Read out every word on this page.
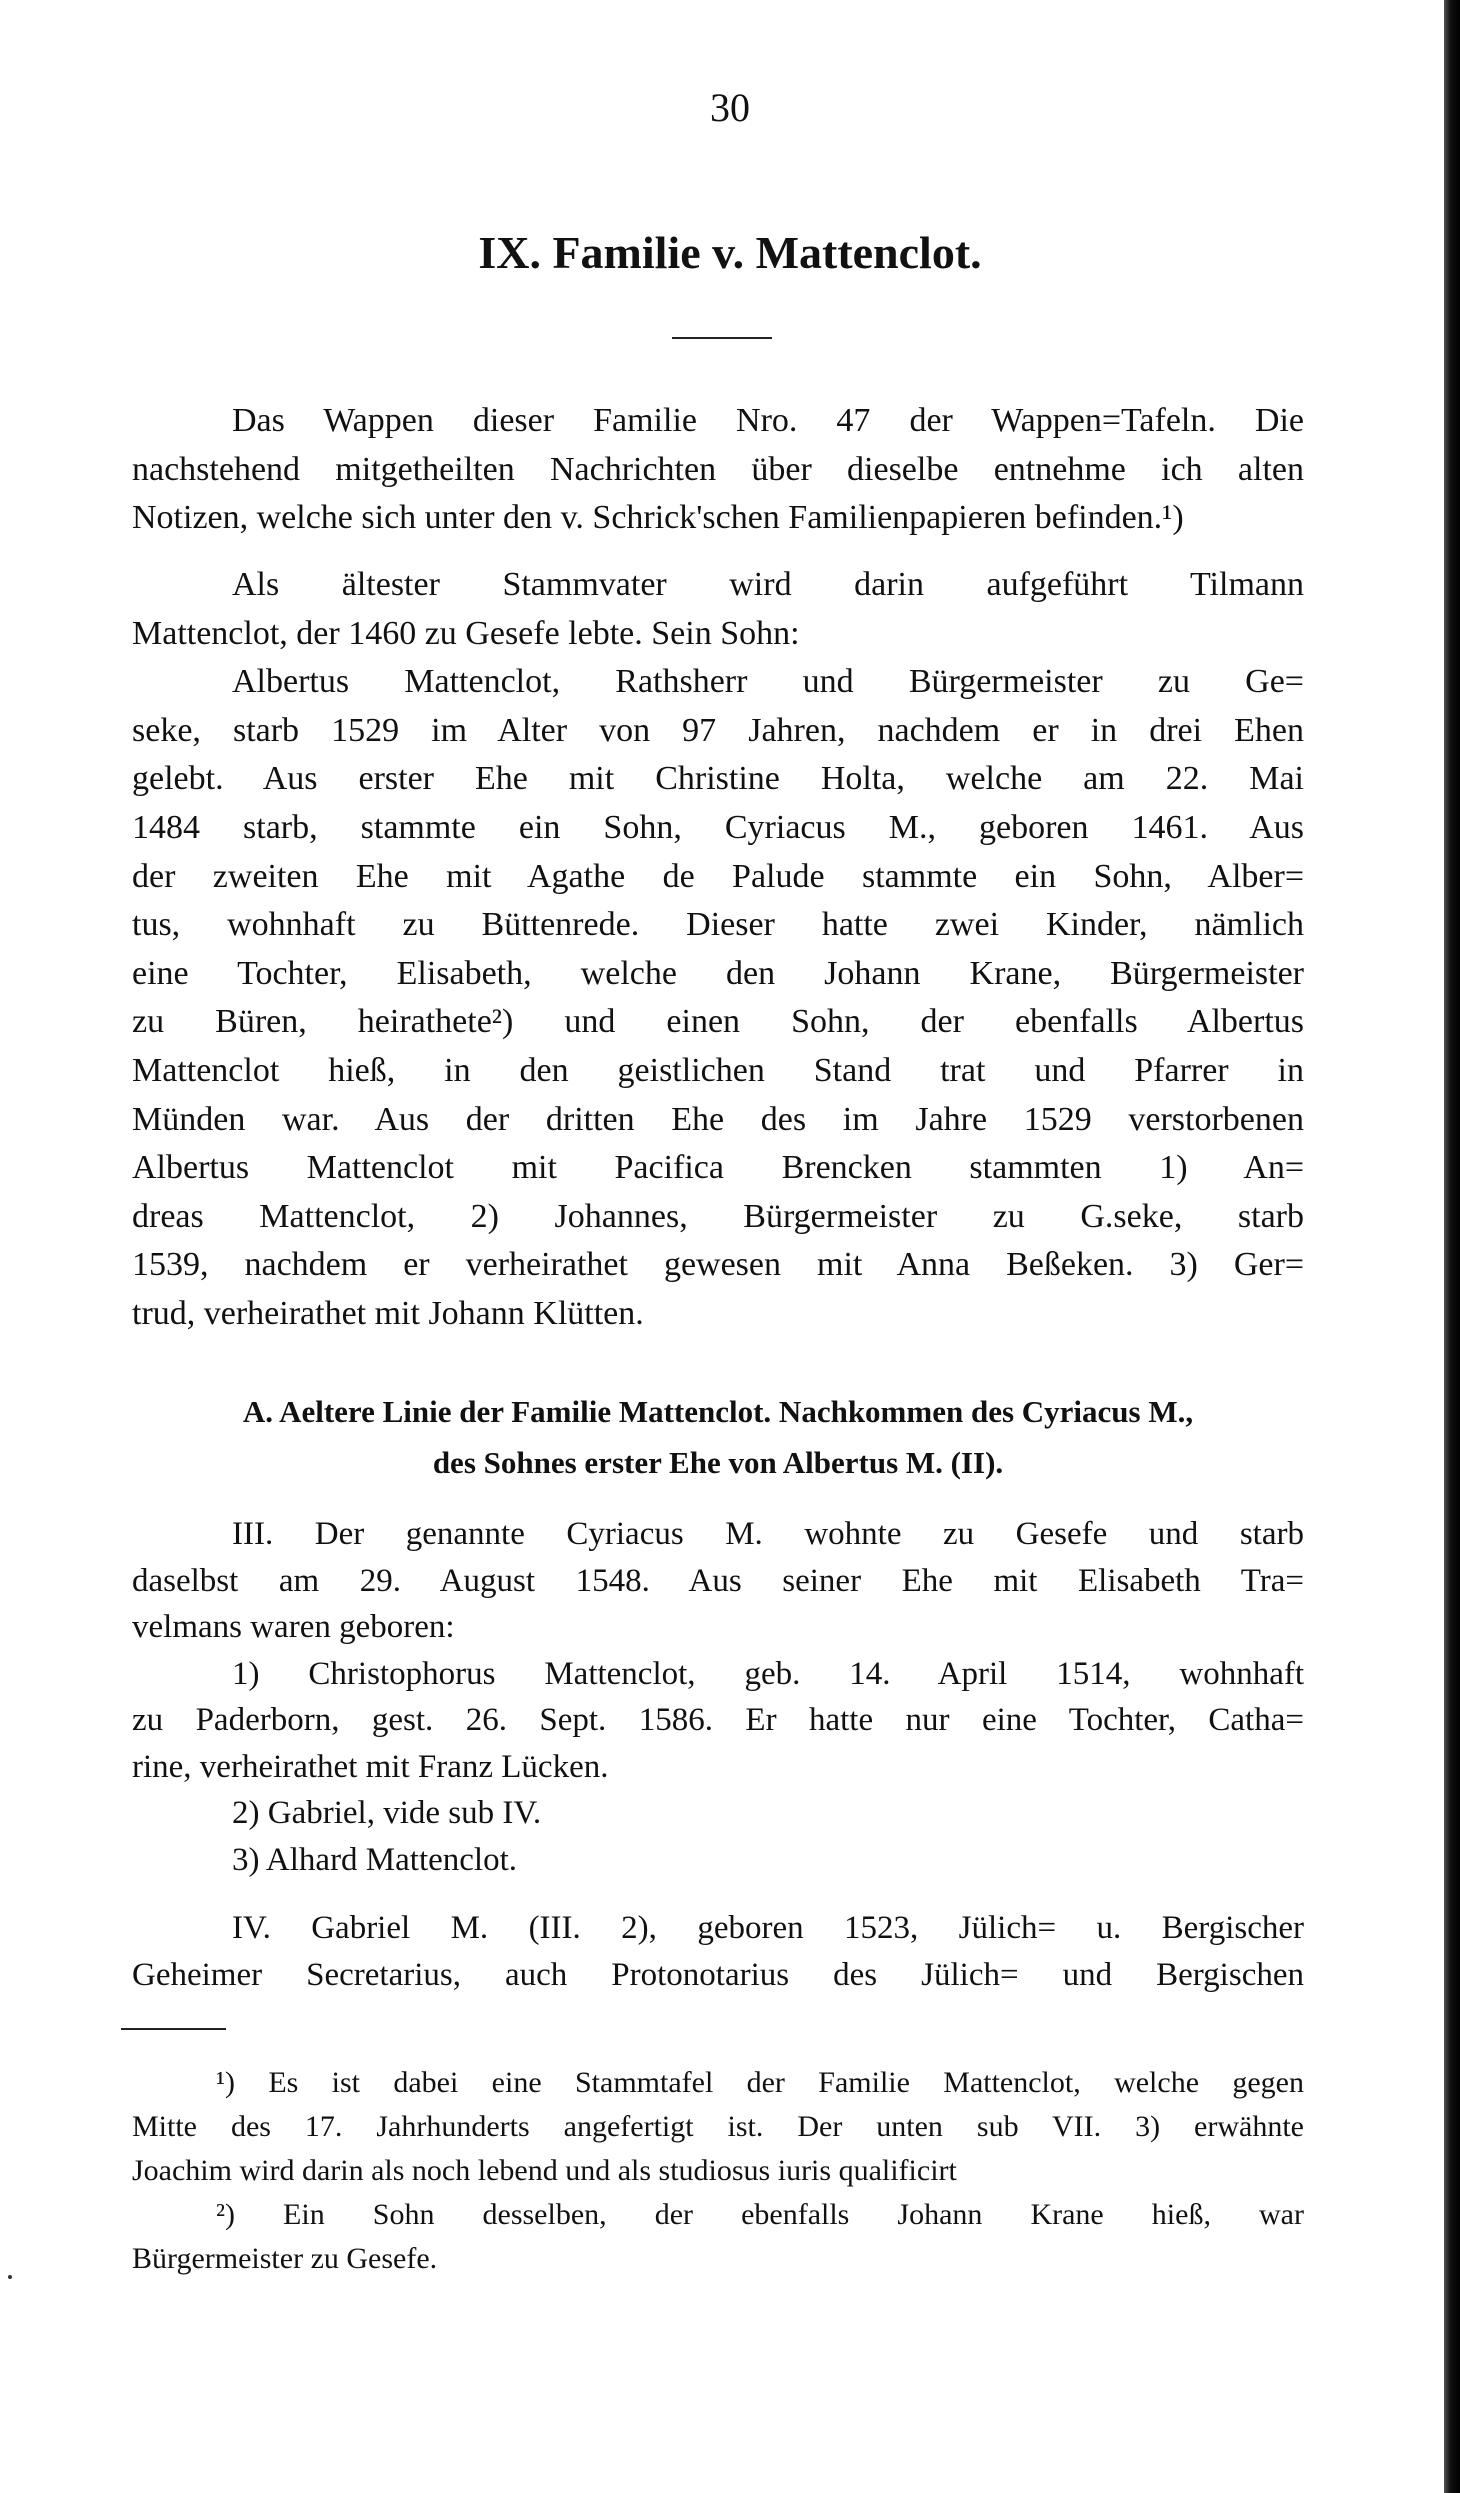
30
IX. Familie v. Mattenclot.
Das Wappen dieser Familie Nro. 47 der Wappen=Tafeln. Die
nachstehend mitgetheilten Nachrichten über dieselbe entnehme ich alten
Notizen, welche sich unter den v. Schrick'schen Familienpapieren befinden.¹)
Als ältester Stammvater wird darin aufgeführt Tilmann
Mattenclot, der 1460 zu Gesefe lebte. Sein Sohn:
Albertus Mattenclot, Rathsherr und Bürgermeister zu Ge=
seke, starb 1529 im Alter von 97 Jahren, nachdem er in drei Ehen
gelebt. Aus erster Ehe mit Christine Holta, welche am 22. Mai
1484 starb, stammte ein Sohn, Cyriacus M., geboren 1461. Aus
der zweiten Ehe mit Agathe de Palude stammte ein Sohn, Alber=
tus, wohnhaft zu Büttenrede. Dieser hatte zwei Kinder, nämlich
eine Tochter, Elisabeth, welche den Johann Krane, Bürgermeister
zu Büren, heirathete²) und einen Sohn, der ebenfalls Albertus
Mattenclot hieß, in den geistlichen Stand trat und Pfarrer in
Münden war. Aus der dritten Ehe des im Jahre 1529 verstorbenen
Albertus Mattenclot mit Pacifica Brencken stammten 1) An=
dreas Mattenclot, 2) Johannes, Bürgermeister zu G.seke, starb
1539, nachdem er verheirathet gewesen mit Anna Beßeken. 3) Ger=
trud, verheirathet mit Johann Klütten.
A. Aeltere Linie der Familie Mattenclot. Nachkommen des Cyriacus M.,
des Sohnes erster Ehe von Albertus M. (II).
III. Der genannte Cyriacus M. wohnte zu Gesefe und starb
daselbst am 29. August 1548. Aus seiner Ehe mit Elisabeth Tra=
velmans waren geboren:
1) Christophorus Mattenclot, geb. 14. April 1514, wohnhaft
zu Paderborn, gest. 26. Sept. 1586. Er hatte nur eine Tochter, Catha=
rine, verheirathet mit Franz Lücken.
2) Gabriel, vide sub IV.
3) Alhard Mattenclot.
IV. Gabriel M. (III. 2), geboren 1523, Jülich= u. Bergischer
Geheimer Secretarius, auch Protonotarius des Jülich= und Bergischen
¹) Es ist dabei eine Stammtafel der Familie Mattenclot, welche gegen
Mitte des 17. Jahrhunderts angefertigt ist. Der unten sub VII. 3) erwähnte
Joachim wird darin als noch lebend und als studiosus iuris qualificirt
²) Ein Sohn desselben, der ebenfalls Johann Krane hieß, war
Bürgermeister zu Gesefe.
